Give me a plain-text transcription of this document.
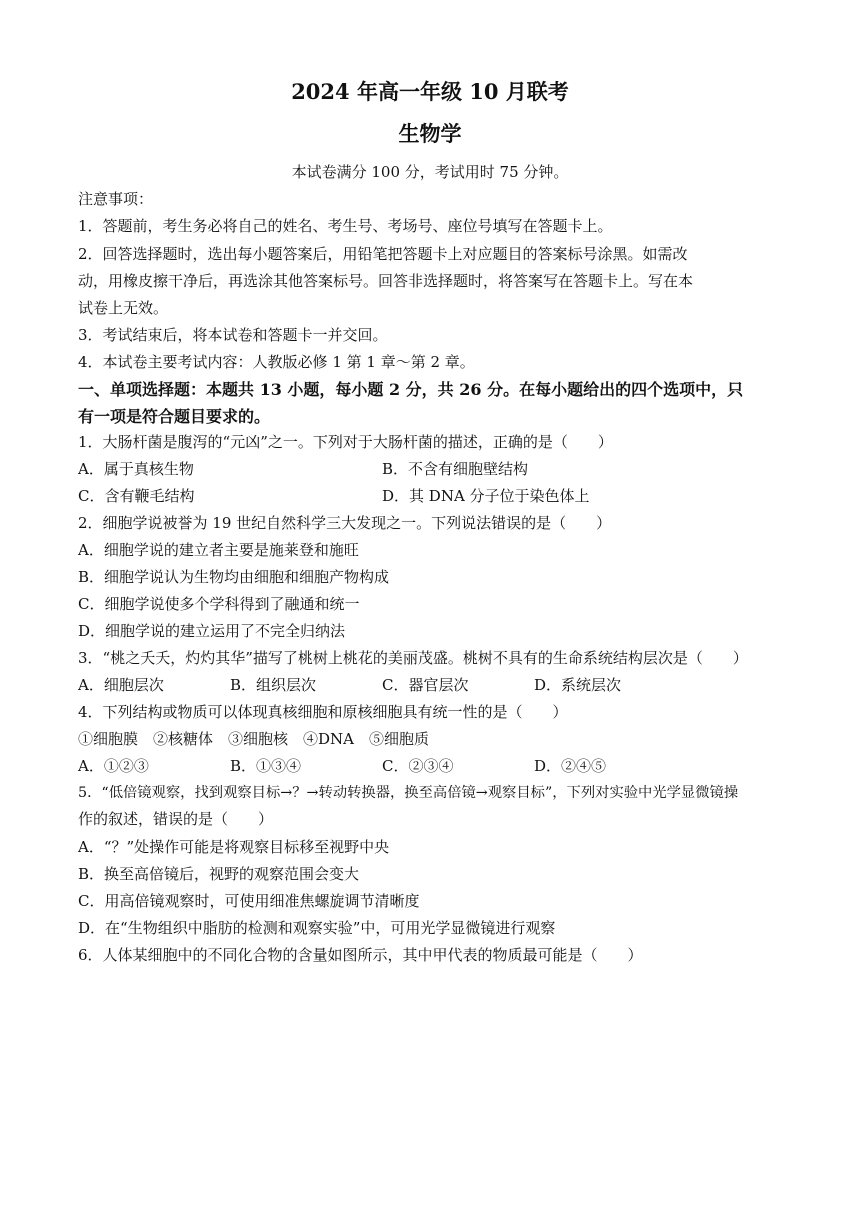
2024 年高一年级 10 月联考
生物学
本试卷满分 100 分，考试用时 75 分钟。
注意事项：
1．答题前，考生务必将自己的姓名、考生号、考场号、座位号填写在答题卡上。
2．回答选择题时，选出每小题答案后，用铅笔把答题卡上对应题目的答案标号涂黑。如需改
动，用橡皮擦干净后，再选涂其他答案标号。回答非选择题时，将答案写在答题卡上。写在本
试卷上无效。
3．考试结束后，将本试卷和答题卡一并交回。
4．本试卷主要考试内容：人教版必修 1 第 1 章～第 2 章。
一、单项选择题：本题共 13 小题，每小题 2 分，共 26 分。在每小题给出的四个选项中，只
有一项是符合题目要求的。
1．大肠杆菌是腹泻的“元凶”之一。下列对于大肠杆菌的描述，正确的是（　　）
A．属于真核生物	B．不含有细胞壁结构
C．含有鞭毛结构	D．其 DNA 分子位于染色体上
2．细胞学说被誉为 19 世纪自然科学三大发现之一。下列说法错误的是（　　）
A．细胞学说的建立者主要是施莱登和施旺
B．细胞学说认为生物均由细胞和细胞产物构成
C．细胞学说使多个学科得到了融通和统一
D．细胞学说的建立运用了不完全归纳法
3．“桃之夭夭，灼灼其华”描写了桃树上桃花的美丽茂盛。桃树不具有的生命系统结构层次是（　　）
A．细胞层次	B．组织层次	C．器官层次	D．系统层次
4．下列结构或物质可以体现真核细胞和原核细胞具有统一性的是（　　）
①细胞膜　②核糖体　③细胞核　④DNA　⑤细胞质
A．①②③	B．①③④	C．②③④	D．②④⑤
5．“低倍镜观察，找到观察目标→？→转动转换器，换至高倍镜→观察目标”，下列对实验中光学显微镜操
作的叙述，错误的是（　　）
A．“？”处操作可能是将观察目标移至视野中央
B．换至高倍镜后，视野的观察范围会变大
C．用高倍镜观察时，可使用细准焦螺旋调节清晰度
D．在“生物组织中脂肪的检测和观察实验”中，可用光学显微镜进行观察
6．人体某细胞中的不同化合物的含量如图所示，其中甲代表的物质最可能是（　　）
